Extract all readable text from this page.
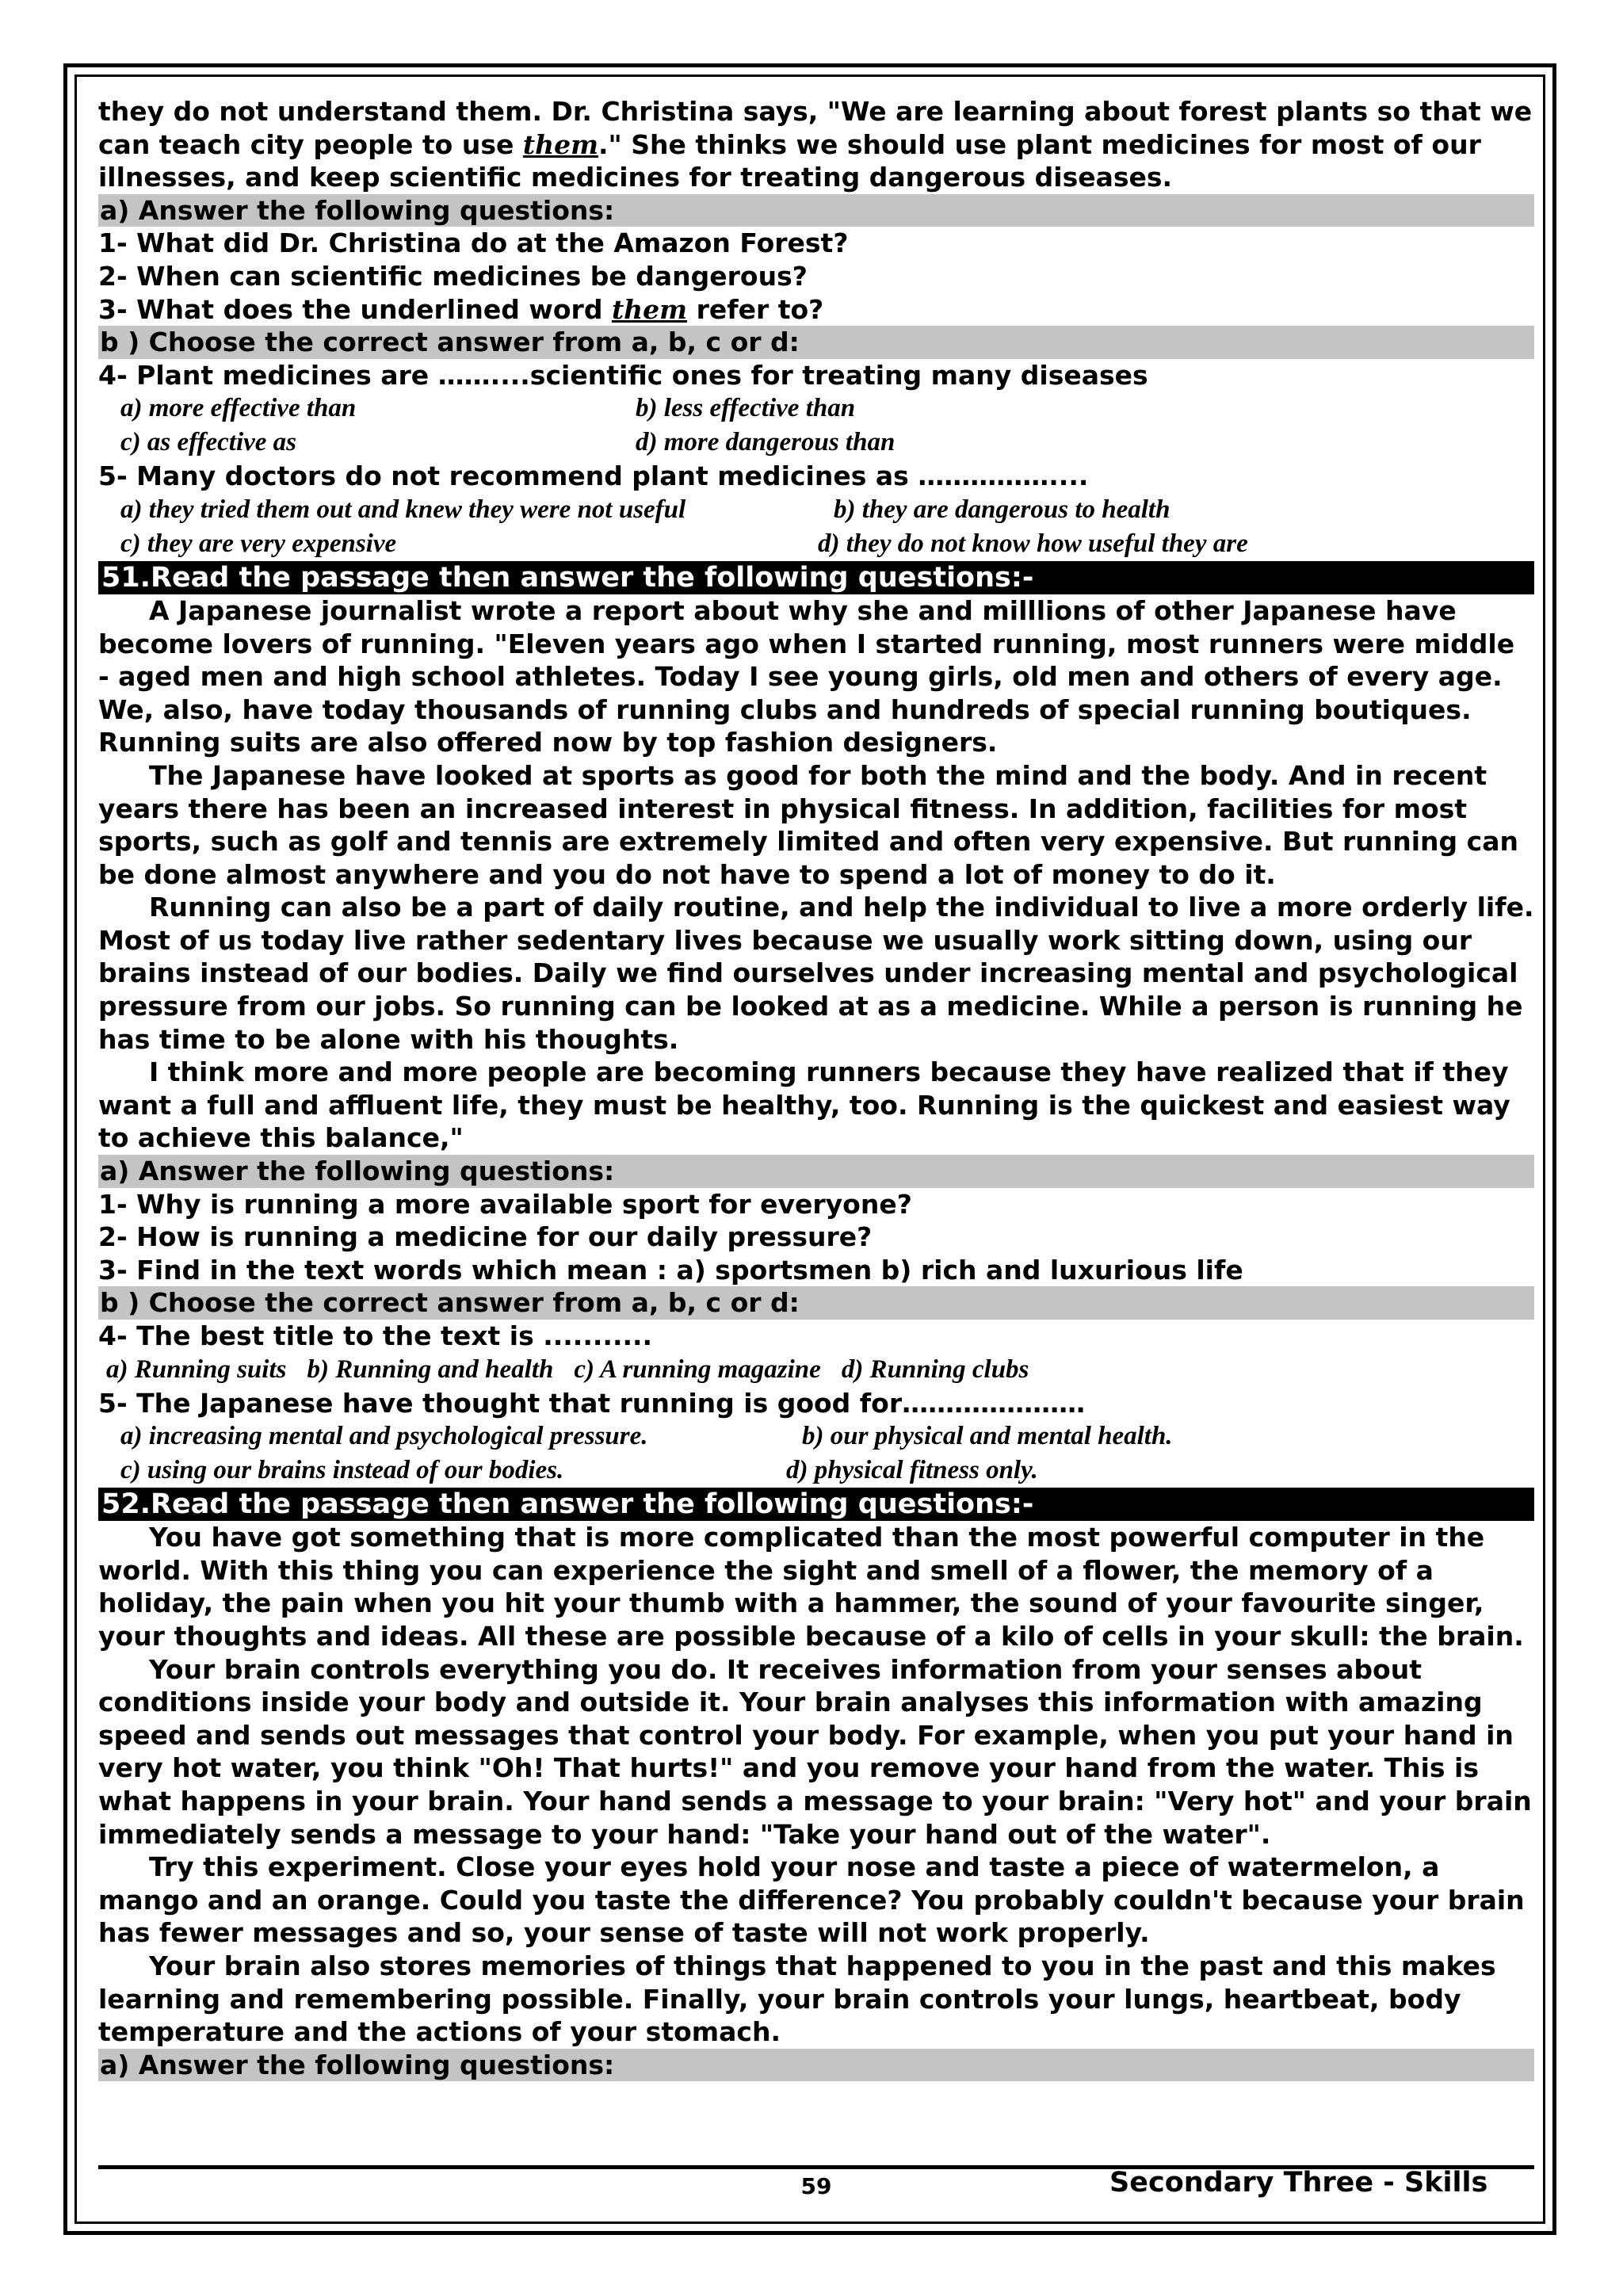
they do not understand them. Dr. Christina says, "We are learning about forest plants so that we

can teach city people to use them." She thinks we should use plant medicines for most of our

illnesses, and keep scientific medicines for treating dangerous diseases.

a) Answer the following questions:

1- What did Dr. Christina do at the Amazon Forest?

2- When can scientific medicines be dangerous?

3- What does the underlined word them refer to?

b ) Choose the correct answer from a, b, c or d:

4- Plant medicines are ……....scientific ones for treating many diseases

a) more effective than	b) less effective than
c) as effective as	d) more dangerous than

5- Many doctors do not recommend plant medicines as ……………....

a) they tried them out and knew they were not useful	b) they are dangerous to health
c) they are very expensive	d) they do not know how useful they are

51.Read the passage then answer the following questions:-

A Japanese journalist wrote a report about why she and milllions of other Japanese have become lovers of running. "Eleven years ago when I started running, most runners were middle - aged men and high school athletes. Today I see young girls, old men and others of every age. We, also, have today thousands of running clubs and hundreds of special running boutiques. Running suits are also offered now by top fashion designers.

The Japanese have looked at sports as good for both the mind and the body. And in recent years there has been an increased interest in physical fitness. In addition, facilities for most sports, such as golf and tennis are extremely limited and often very expensive. But running can be done almost anywhere and you do not have to spend a lot of money to do it.

Running can also be a part of daily routine, and help the individual to live a more orderly life. Most of us today live rather sedentary lives because we usually work sitting down, using our brains instead of our bodies. Daily we find ourselves under increasing mental and psychological pressure from our jobs. So running can be looked at as a medicine. While a person is running he has time to be alone with his thoughts.

I think more and more people are becoming runners because they have realized that if they want a full and affluent life, they must be healthy, too. Running is the quickest and easiest way to achieve this balance,"

a) Answer the following questions:

1- Why is running a more available sport for everyone?

2- How is running a medicine for our daily pressure?

3- Find in the text words which mean : a) sportsmen b) rich and luxurious life

b ) Choose the correct answer from a, b, c or d:

4- The best title to the text is ...........

a) Running suits b) Running and health c) A running magazine d) Running clubs

5- The Japanese have thought that running is good for…………………

a) increasing mental and psychological pressure.	b) our physical and mental health.
c) using our brains instead of our bodies.	d) physical fitness only.

52.Read the passage then answer the following questions:-

You have got something that is more complicated than the most powerful computer in the world. With this thing you can experience the sight and smell of a flower, the memory of a holiday, the pain when you hit your thumb with a hammer, the sound of your favourite singer, your thoughts and ideas. All these are possible because of a kilo of cells in your skull: the brain.

Your brain controls everything you do. It receives information from your senses about conditions inside your body and outside it. Your brain analyses this information with amazing speed and sends out messages that control your body. For example, when you put your hand in very hot water, you think "Oh! That hurts!" and you remove your hand from the water. This is what happens in your brain. Your hand sends a message to your brain: "Very hot" and your brain immediately sends a message to your hand: "Take your hand out of the water".

Try this experiment. Close your eyes hold your nose and taste a piece of watermelon, a mango and an orange. Could you taste the difference? You probably couldn't because your brain has fewer messages and so, your sense of taste will not work properly.

Your brain also stores memories of things that happened to you in the past and this makes learning and remembering possible. Finally, your brain controls your lungs, heartbeat, body temperature and the actions of your stomach.

a) Answer the following questions:

59	Secondary Three - Skills
